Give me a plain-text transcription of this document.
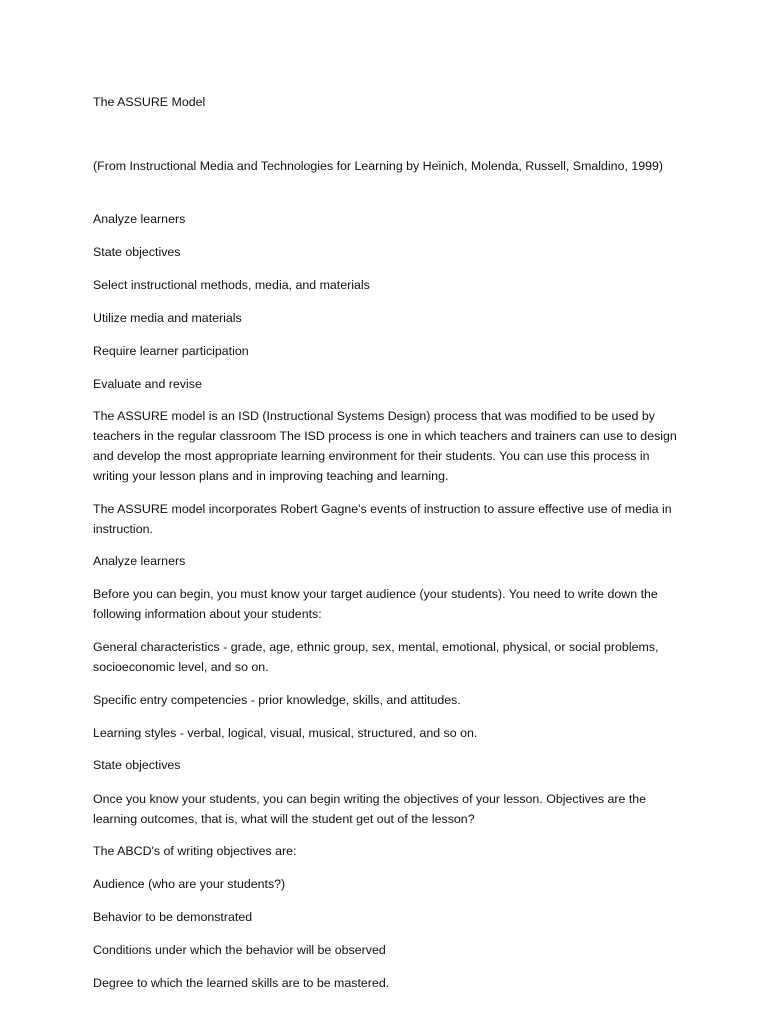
The ASSURE Model

(From Instructional Media and Technologies for Learning by Heinich, Molenda, Russell, Smaldino, 1999)

Analyze learners

State objectives

Select instructional methods, media, and materials

Utilize media and materials

Require learner participation

Evaluate and revise

The ASSURE model is an ISD (Instructional Systems Design) process that was modified to be used by teachers in the regular classroom The ISD process is one in which teachers and trainers can use to design and develop the most appropriate learning environment for their students. You can use this process in writing your lesson plans and in improving teaching and learning.

The ASSURE model incorporates Robert Gagne's events of instruction to assure effective use of media in instruction.

Analyze learners

Before you can begin, you must know your target audience (your students). You need to write down the following information about your students:

General characteristics - grade, age, ethnic group, sex, mental, emotional, physical, or social problems, socioeconomic level, and so on.

Specific entry competencies - prior knowledge, skills, and attitudes.

Learning styles - verbal, logical, visual, musical, structured, and so on.

State objectives

Once you know your students, you can begin writing the objectives of your lesson. Objectives are the learning outcomes, that is, what will the student get out of the lesson?

The ABCD's of writing objectives are:

Audience (who are your students?)

Behavior to be demonstrated

Conditions under which the behavior will be observed

Degree to which the learned skills are to be mastered.
